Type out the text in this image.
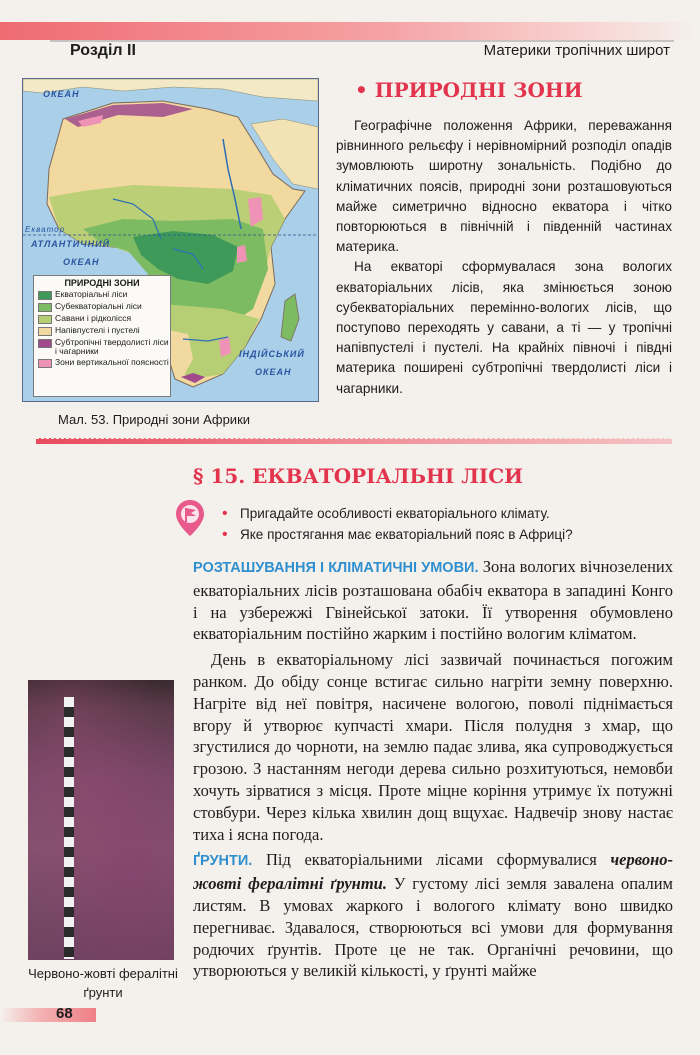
Розділ ІІ	Материки тропічних широт
ОКЕАН
Екватор
АТЛАНТИЧНИЙ
ОКЕАН
ІНДІЙСЬКИЙ
ОКЕАН
ПРИРОДНІ ЗОНИ
Екваторіальні ліси
Субекваторіальні ліси
Савани і рідколісся
Напівпустелі і пустелі
Субтропічні твердолисті ліси і чагарники
Зони вертикальної поясності
Мал. 53. Природні зони Африки
• ПРИРОДНІ ЗОНИ

Географічне положення Африки, переважання рівнинного рельєфу і нерівномірний розподіл опадів зумовлюють широтну зональність. Подібно до кліматичних поясів, природні зони розташовуються майже симетрично відносно екватора і чітко повторюються в північній і південній частинах материка.

На екваторі сформувалася зона вологих екваторіальних лісів, яка змінюється зоною субекваторіальних перемінно-вологих лісів, що поступово переходять у савани, а ті — у тропічні напівпустелі і пустелі. На крайніх півночі і півдні материка поширені субтропічні твердолисті ліси і чагарники.

§ 15. ЕКВАТОРІАЛЬНІ ЛІСИ
• Пригадайте особливості екваторіального клімату.
• Яке простягання має екваторіальний пояс в Африці?

РОЗТАШУВАННЯ І КЛІМАТИЧНІ УМОВИ. Зона вологих вічнозелених екваторіальних лісів розташована обабіч екватора в западині Конго і на узбережжі Гвінейської затоки. Її утворення обумовлено екваторіальним постійно жарким і постійно вологим кліматом.

День в екваторіальному лісі зазвичай починається погожим ранком. До обіду сонце встигає сильно нагріти земну поверхню. Нагріте від неї повітря, насичене вологою, поволі піднімається вгору й утворює купчасті хмари. Після полудня з хмар, що згустилися до чорноти, на землю падає злива, яка супроводжується грозою. З настанням негоди дерева сильно розхитуються, немовби хочуть зірватися з місця. Проте міцне коріння утримує їх потужні стовбури. Через кілька хвилин дощ вщухає. Надвечір знову настає тиха і ясна погода.

ҐРУНТИ. Під екваторіальними лісами сформувалися червоно-жовті фералітні ґрунти. У густому лісі земля завалена опалим листям. В умовах жаркого і вологого клімату воно швидко перегниває. Здавалося, створюються всі умови для формування родючих ґрунтів. Проте це не так. Органічні речовини, що утворюються у великій кількості, у ґрунті майже

Червоно-жовті фералітні ґрунти
68
